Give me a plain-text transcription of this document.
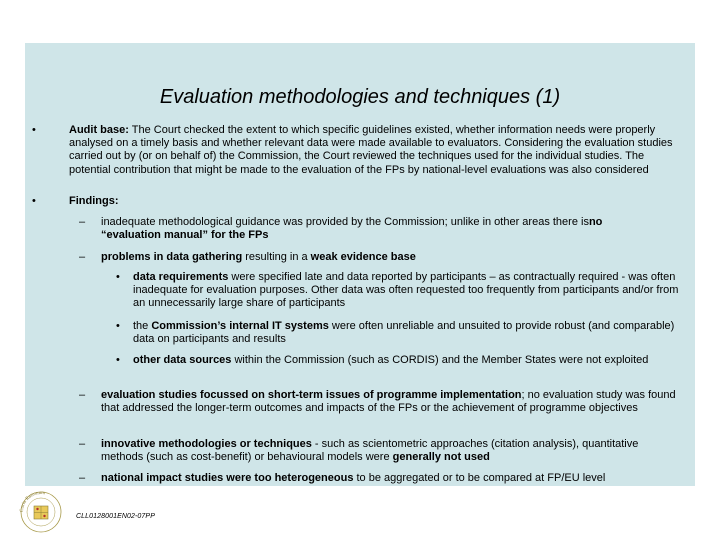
Evaluation methodologies and techniques (1)
•	Audit base: The Court checked the extent to which specific guidelines existed, whether information needs were properly analysed on a timely basis and whether relevant data were made available to evaluators. Considering the evaluation studies carried out by (or on behalf of) the Commission, the Court reviewed the techniques used for the individual studies. The potential contribution that might be made to the evaluation of the FPs by national-level evaluations was also considered
•	Findings:
– inadequate methodological guidance was provided by the Commission; unlike in other areas there isno “evaluation manual” for the FPs
– problems in data gathering resulting in a weak evidence base
• data requirements were specified late and data reported by participants – as contractually required - was often inadequate for evaluation purposes. Other data was often requested too frequently from participants and/or from an unnecessarily large share of participants
• the Commission’s internal IT systems were often unreliable and unsuited to provide robust (and comparable) data on participants and results
• other data sources within the Commission (such as CORDIS) and the Member States were not exploited
– evaluation studies focussed on short-term issues of programme implementation; no evaluation study was found that addressed the longer-term outcomes and impacts of the FPs or the achievement of programme objectives
– innovative methodologies or techniques - such as scientometric approaches (citation analysis), quantitative methods (such as cost-benefit) or behavioural models were generally not used
– national impact studies were too heterogeneous to be aggregated or to be compared at FP/EU level
Curia Rationum
CLL0128001EN02-07PP
